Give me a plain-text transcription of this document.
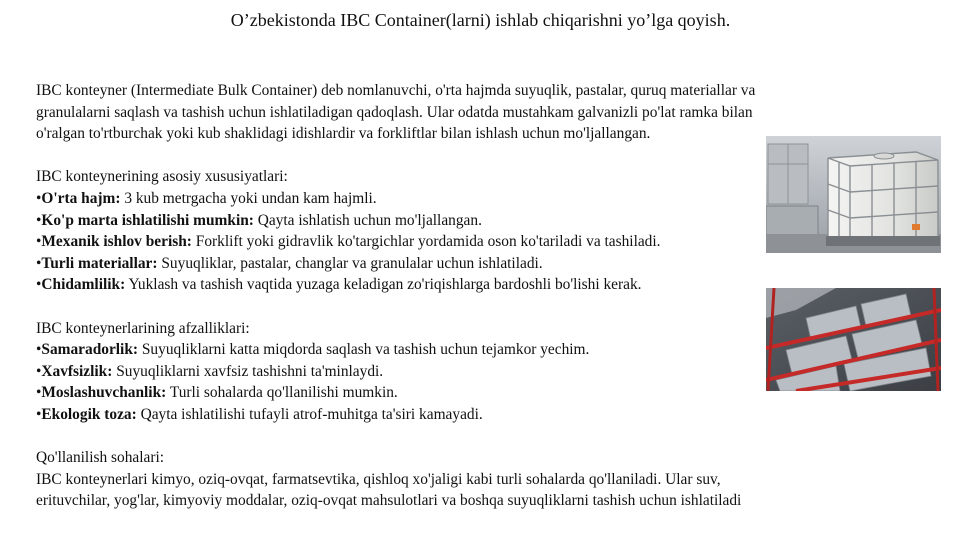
O’zbekistonda IBC Container(larni) ishlab chiqarishni yo’lga qoyish.

IBC konteyner (Intermediate Bulk Container) deb nomlanuvchi, o'rta hajmda suyuqlik, pastalar, quruq materiallar va

granulalarni saqlash va tashish uchun ishlatiladigan qadoqlash. Ular odatda mustahkam galvanizli po'lat ramka bilan

o'ralgan to'rtburchak yoki kub shaklidagi idishlardir va forkliftlar bilan ishlash uchun mo'ljallangan.

IBC konteynerining asosiy xususiyatlari:

•O'rta hajm: 3 kub metrgacha yoki undan kam hajmli.

•Ko'p marta ishlatilishi mumkin: Qayta ishlatish uchun mo'ljallangan.

•Mexanik ishlov berish: Forklift yoki gidravlik ko'targichlar yordamida oson ko'tariladi va tashiladi.

•Turli materiallar: Suyuqliklar, pastalar, changlar va granulalar uchun ishlatiladi.

•Chidamlilik: Yuklash va tashish vaqtida yuzaga keladigan zo'riqishlarga bardoshli bo'lishi kerak.

IBC konteynerlarining afzalliklari:

•Samaradorlik: Suyuqliklarni katta miqdorda saqlash va tashish uchun tejamkor yechim.

•Xavfsizlik: Suyuqliklarni xavfsiz tashishni ta'minlaydi.

•Moslashuvchanlik: Turli sohalarda qo'llanilishi mumkin.

•Ekologik toza: Qayta ishlatilishi tufayli atrof-muhitga ta'siri kamayadi.

Qo'llanilish sohalari:

IBC konteynerlari kimyo, oziq-ovqat, farmatsevtika, qishloq xo'jaligi kabi turli sohalarda qo'llaniladi. Ular suv,

erituvchilar, yog'lar, kimyoviy moddalar, oziq-ovqat mahsulotlari va boshqa suyuqliklarni tashish uchun ishlatiladi
